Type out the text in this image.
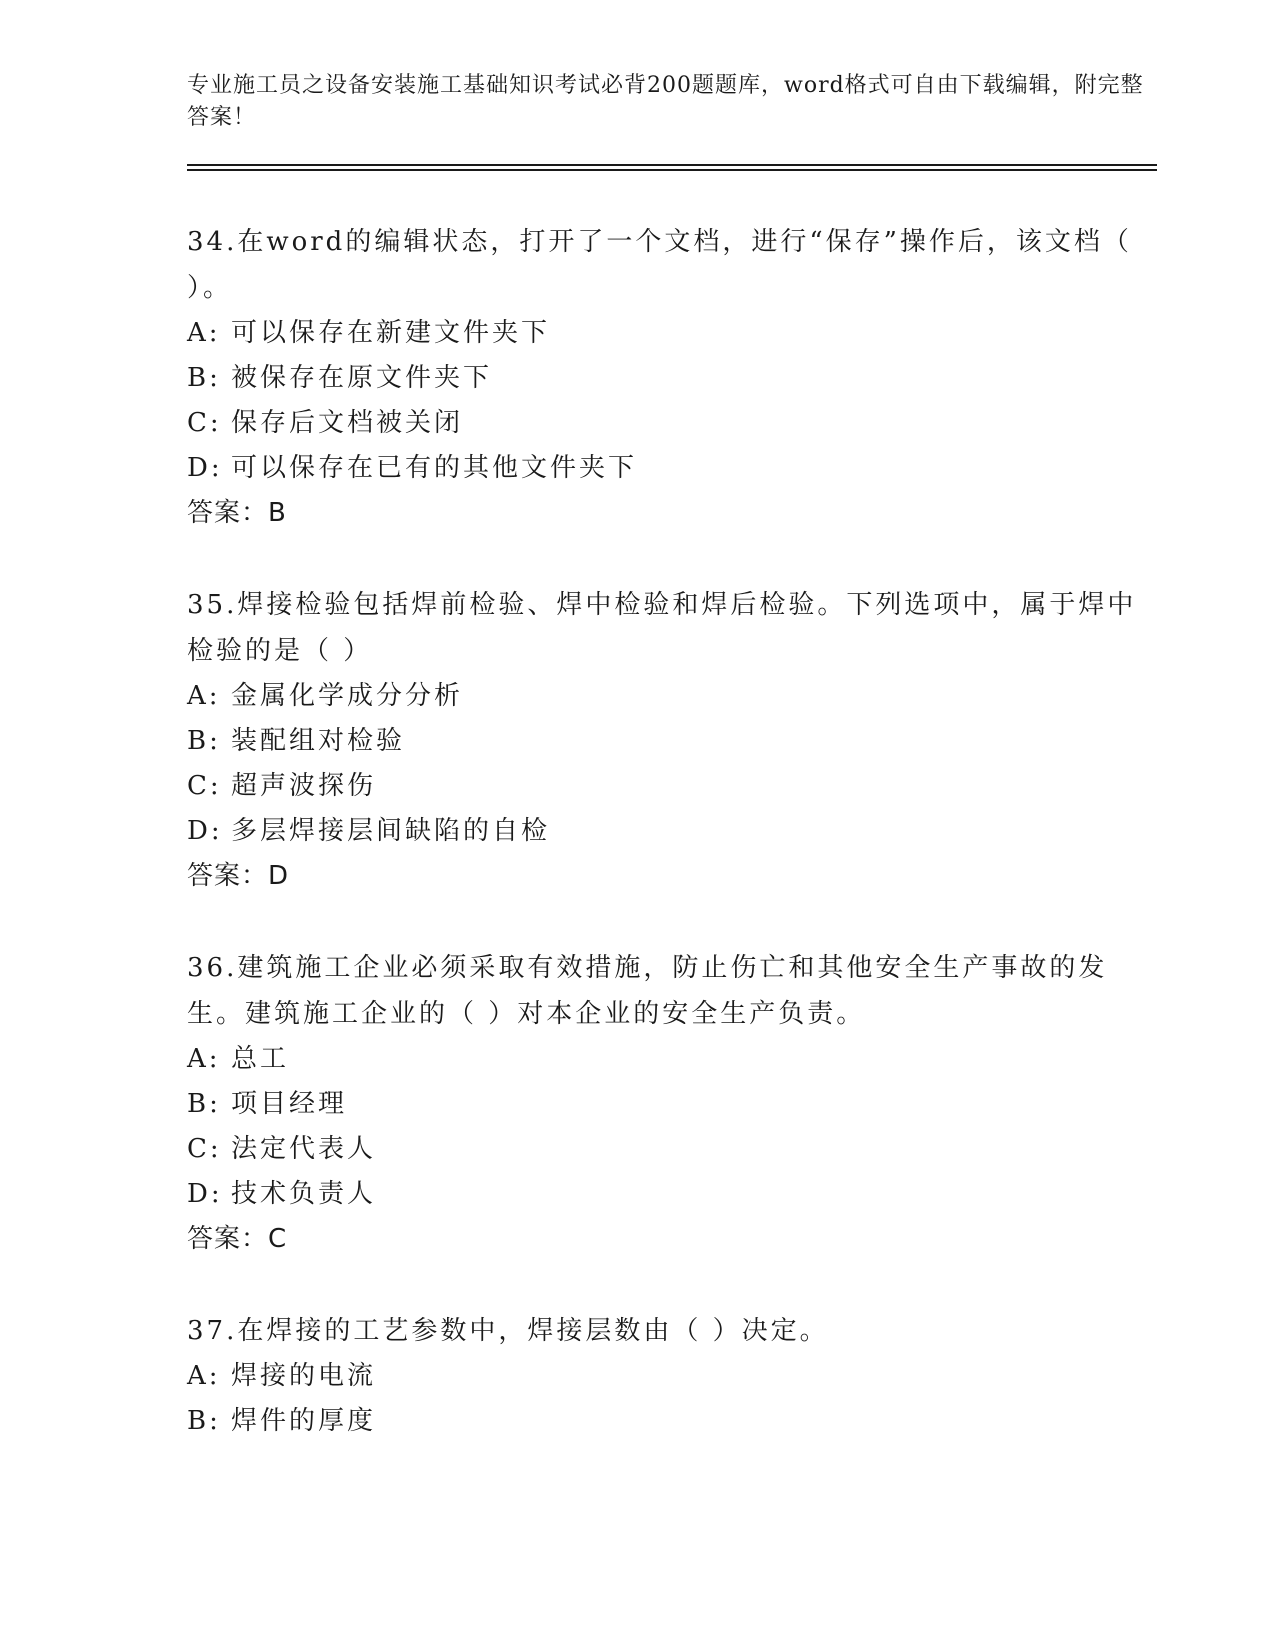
专业施工员之设备安装施工基础知识考试必背200题题库，word格式可自由下载编辑，附完整答案！

34.在word的编辑状态，打开了一个文档，进行“保存”操作后，该文档（ ）。

A: 可以保存在新建文件夹下

B: 被保存在原文件夹下

C: 保存后文档被关闭

D: 可以保存在已有的其他文件夹下

答案：B

35.焊接检验包括焊前检验、焊中检验和焊后检验。下列选项中，属于焊中检验的是（ ）

A: 金属化学成分分析

B: 装配组对检验

C: 超声波探伤

D: 多层焊接层间缺陷的自检

答案：D

36.建筑施工企业必须采取有效措施，防止伤亡和其他安全生产事故的发生。建筑施工企业的（ ）对本企业的安全生产负责。

A: 总工

B: 项目经理

C: 法定代表人

D: 技术负责人

答案：C

37.在焊接的工艺参数中，焊接层数由（ ）决定。

A: 焊接的电流

B: 焊件的厚度
